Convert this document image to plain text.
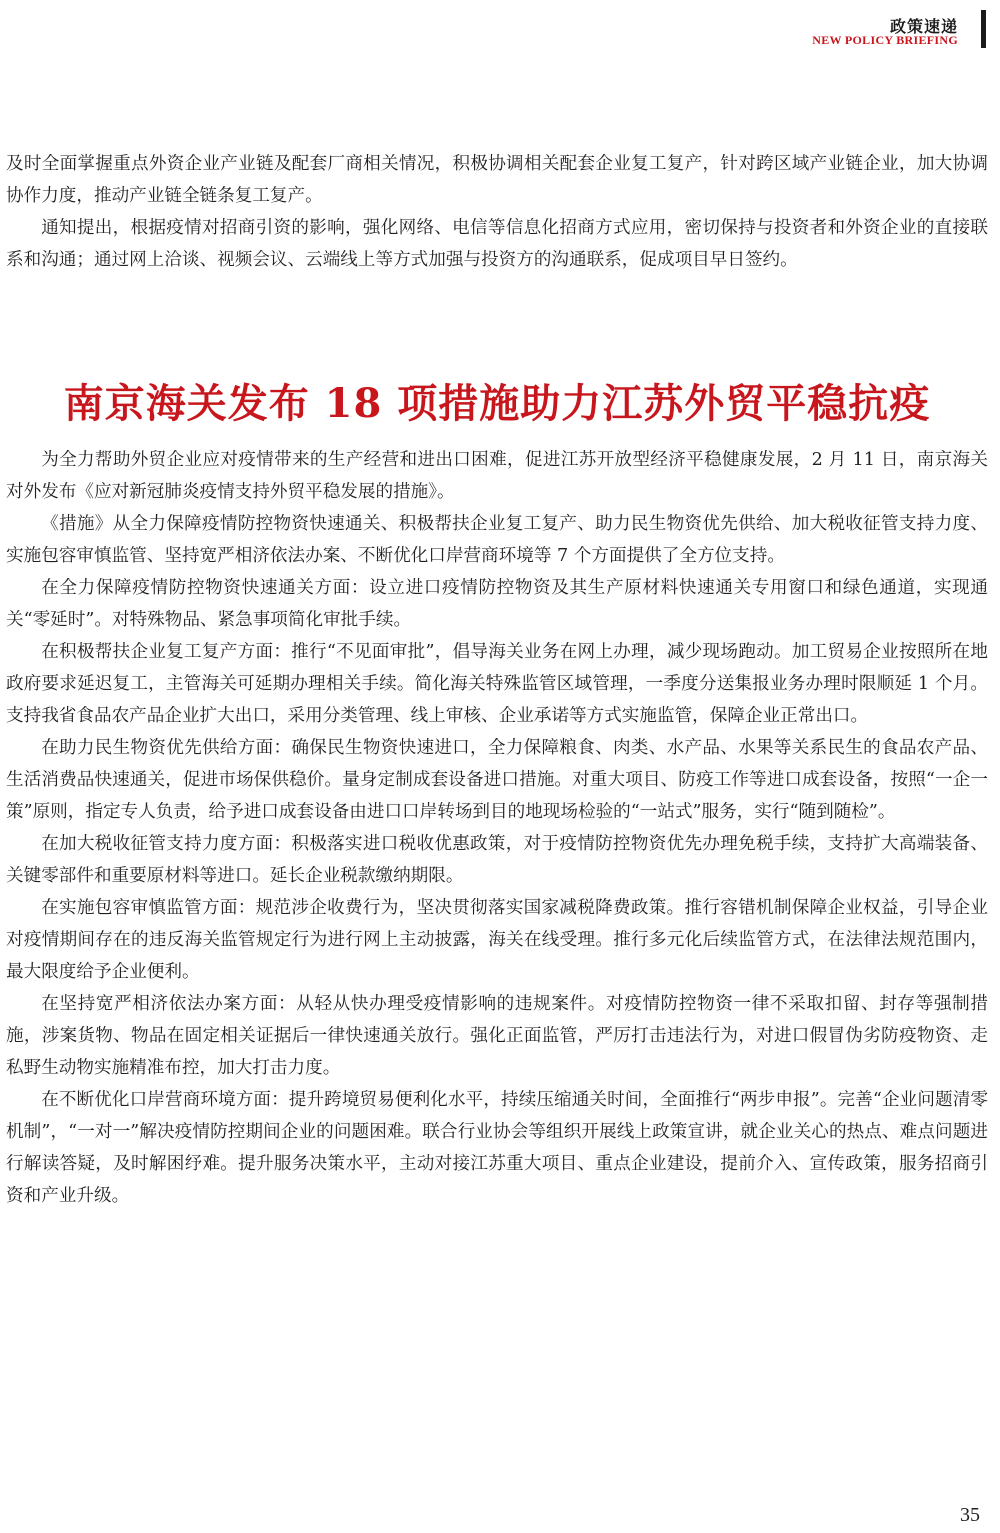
政策速递
NEW POLICY BRIEFING

及时全面掌握重点外资企业产业链及配套厂商相关情况，积极协调相关配套企业复工复产，针对跨区域产业链企业，加大协调协作力度，推动产业链全链条复工复产。

通知提出，根据疫情对招商引资的影响，强化网络、电信等信息化招商方式应用，密切保持与投资者和外资企业的直接联系和沟通；通过网上洽谈、视频会议、云端线上等方式加强与投资方的沟通联系，促成项目早日签约。

南京海关发布 18 项措施助力江苏外贸平稳抗疫

为全力帮助外贸企业应对疫情带来的生产经营和进出口困难，促进江苏开放型经济平稳健康发展，2 月 11 日，南京海关对外发布《应对新冠肺炎疫情支持外贸平稳发展的措施》。

《措施》从全力保障疫情防控物资快速通关、积极帮扶企业复工复产、助力民生物资优先供给、加大税收征管支持力度、实施包容审慎监管、坚持宽严相济依法办案、不断优化口岸营商环境等 7 个方面提供了全方位支持。

在全力保障疫情防控物资快速通关方面：设立进口疫情防控物资及其生产原材料快速通关专用窗口和绿色通道，实现通关“零延时”。对特殊物品、紧急事项简化审批手续。

在积极帮扶企业复工复产方面：推行“不见面审批”，倡导海关业务在网上办理，减少现场跑动。加工贸易企业按照所在地政府要求延迟复工，主管海关可延期办理相关手续。简化海关特殊监管区域管理，一季度分送集报业务办理时限顺延 1 个月。支持我省食品农产品企业扩大出口，采用分类管理、线上审核、企业承诺等方式实施监管，保障企业正常出口。

在助力民生物资优先供给方面：确保民生物资快速进口，全力保障粮食、肉类、水产品、水果等关系民生的食品农产品、生活消费品快速通关，促进市场保供稳价。量身定制成套设备进口措施。对重大项目、防疫工作等进口成套设备，按照“一企一策”原则，指定专人负责，给予进口成套设备由进口口岸转场到目的地现场检验的“一站式”服务，实行“随到随检”。

在加大税收征管支持力度方面：积极落实进口税收优惠政策，对于疫情防控物资优先办理免税手续，支持扩大高端装备、关键零部件和重要原材料等进口。延长企业税款缴纳期限。

在实施包容审慎监管方面：规范涉企收费行为，坚决贯彻落实国家减税降费政策。推行容错机制保障企业权益，引导企业对疫情期间存在的违反海关监管规定行为进行网上主动披露，海关在线受理。推行多元化后续监管方式，在法律法规范围内，最大限度给予企业便利。

在坚持宽严相济依法办案方面：从轻从快办理受疫情影响的违规案件。对疫情防控物资一律不采取扣留、封存等强制措施，涉案货物、物品在固定相关证据后一律快速通关放行。强化正面监管，严厉打击违法行为，对进口假冒伪劣防疫物资、走私野生动物实施精准布控，加大打击力度。

在不断优化口岸营商环境方面：提升跨境贸易便利化水平，持续压缩通关时间，全面推行“两步申报”。完善“企业问题清零机制”，“一对一”解决疫情防控期间企业的问题困难。联合行业协会等组织开展线上政策宣讲，就企业关心的热点、难点问题进行解读答疑，及时解困纾难。提升服务决策水平，主动对接江苏重大项目、重点企业建设，提前介入、宣传政策，服务招商引资和产业升级。

35
